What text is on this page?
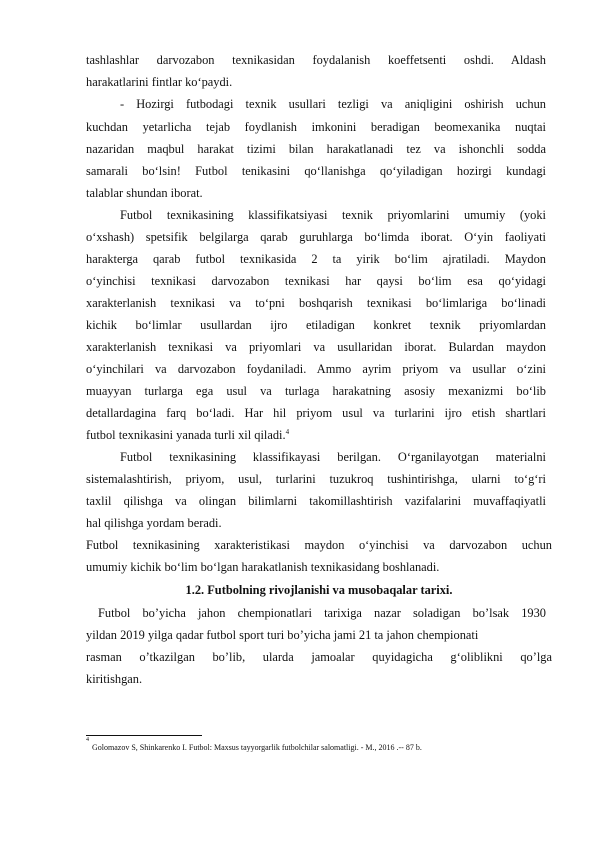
tashlashlar darvozabon texnikasidan foydalanish koeffetsenti oshdi. Aldash
harakatlarini fintlar ko‘paydi.
- Hozirgi futbodagi texnik usullari tezligi va aniqligini oshirish uchun
kuchdan yetarlicha tejab foydlanish imkonini beradigan beomexanika nuqtai
nazaridan maqbul harakat tizimi bilan harakatlanadi tez va ishonchli sodda
samarali bo‘lsin! Futbol tenikasini qo‘llanishga qo‘yiladigan hozirgi kundagi
talablar shundan iborat.
Futbol texnikasining klassifikatsiyasi texnik priyomlarini umumiy (yoki
o‘xshash) spetsifik belgilarga qarab guruhlarga bo‘limda iborat. O‘yin faoliyati
harakterga qarab futbol texnikasida 2 ta yirik bo‘lim ajratiladi. Maydon
o‘yinchisi texnikasi darvozabon texnikasi har qaysi bo‘lim esa qo‘yidagi
xarakterlanish texnikasi va to‘pni boshqarish texnikasi bo‘limlariga bo‘linadi
kichik bo‘limlar usullardan ijro etiladigan konkret texnik priyomlardan
xarakterlanish texnikasi va priyomlari va usullaridan iborat. Bulardan maydon
o‘yinchilari va darvozabon foydaniladi. Ammo ayrim priyom va usullar o‘zini
muayyan turlarga ega usul va turlaga harakatning asosiy mexanizmi bo‘lib
detallardagina farq bo‘ladi. Har hil priyom usul va turlarini ijro etish shartlari
futbol texnikasini yanada turli xil qiladi.$^4$
Futbol texnikasining klassifikayasi berilgan. O‘rganilayotgan materialni
sistemalashtirish, priyom, usul, turlarini tuzukroq tushintirishga, ularni to‘g‘ri
taxlil qilishga va olingan bilimlarni takomillashtirish vazifalarini muvaffaqiyatli
hal qilishga yordam beradi.
Futbol texnikasining xarakteristikasi maydon o‘yinchisi va darvozabon uchun
umumiy kichik bo‘lim bo‘lgan harakatlanish texnikasidang boshlanadi.
1.2. Futbolning rivojlanishi va musobaqalar tarixi.
Futbol bo’yicha jahon chempionatlari tarixiga nazar soladigan bo’lsak 1930
yildan 2019 yilga qadar futbol sport turi bo’yicha jami 21 ta jahon chempionati
rasman o’tkazilgan bo’lib, ularda jamoalar quyidagicha g‘oliblikni qo’lga
kiritishgan.
4
Golomazov S, Shinkarenko I. Futbol: Maxsus tayyorgarlik futbolchilar salomatligi. - M., 2016 .-- 87 b.
